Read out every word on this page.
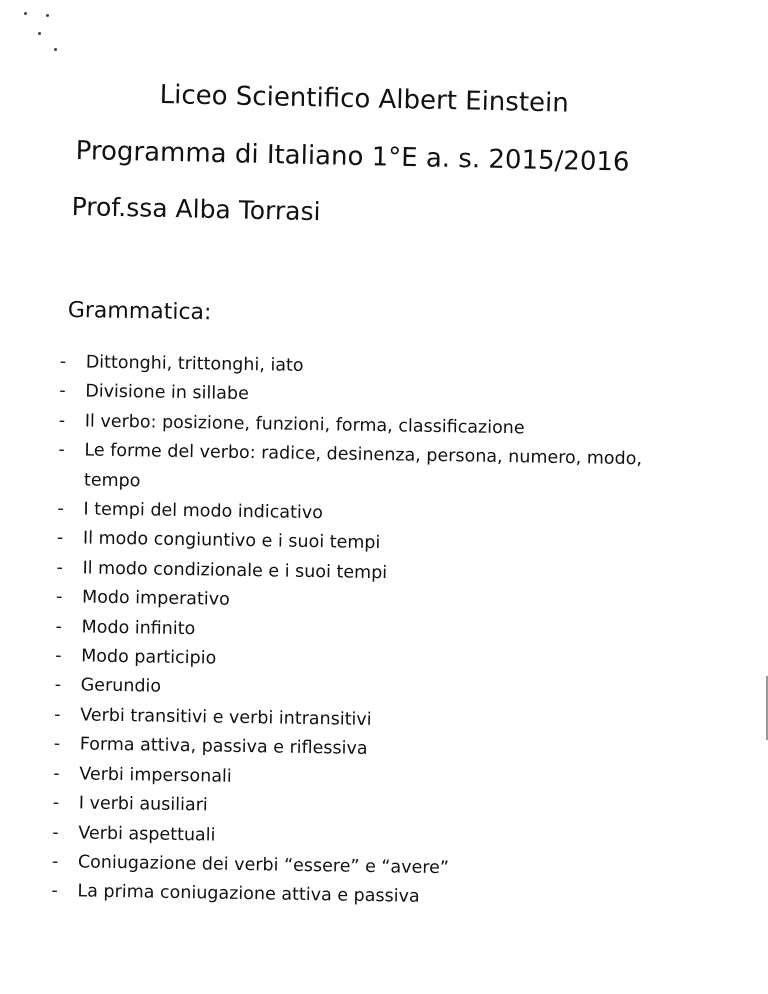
Liceo Scientifico Albert Einstein
Programma di Italiano 1°E a. s. 2015/2016
Prof.ssa Alba Torrasi
Grammatica:
- Dittonghi, trittonghi, iato
- Divisione in sillabe
- Il verbo: posizione, funzioni, forma, classificazione
- Le forme del verbo: radice, desinenza, persona, numero, modo, tempo
- I tempi del modo indicativo
- Il modo congiuntivo e i suoi tempi
- Il modo condizionale e i suoi tempi
- Modo imperativo
- Modo infinito
- Modo participio
- Gerundio
- Verbi transitivi e verbi intransitivi
- Forma attiva, passiva e riflessiva
- Verbi impersonali
- I verbi ausiliari
- Verbi aspettuali
- Coniugazione dei verbi “essere” e “avere”
- La prima coniugazione attiva e passiva
